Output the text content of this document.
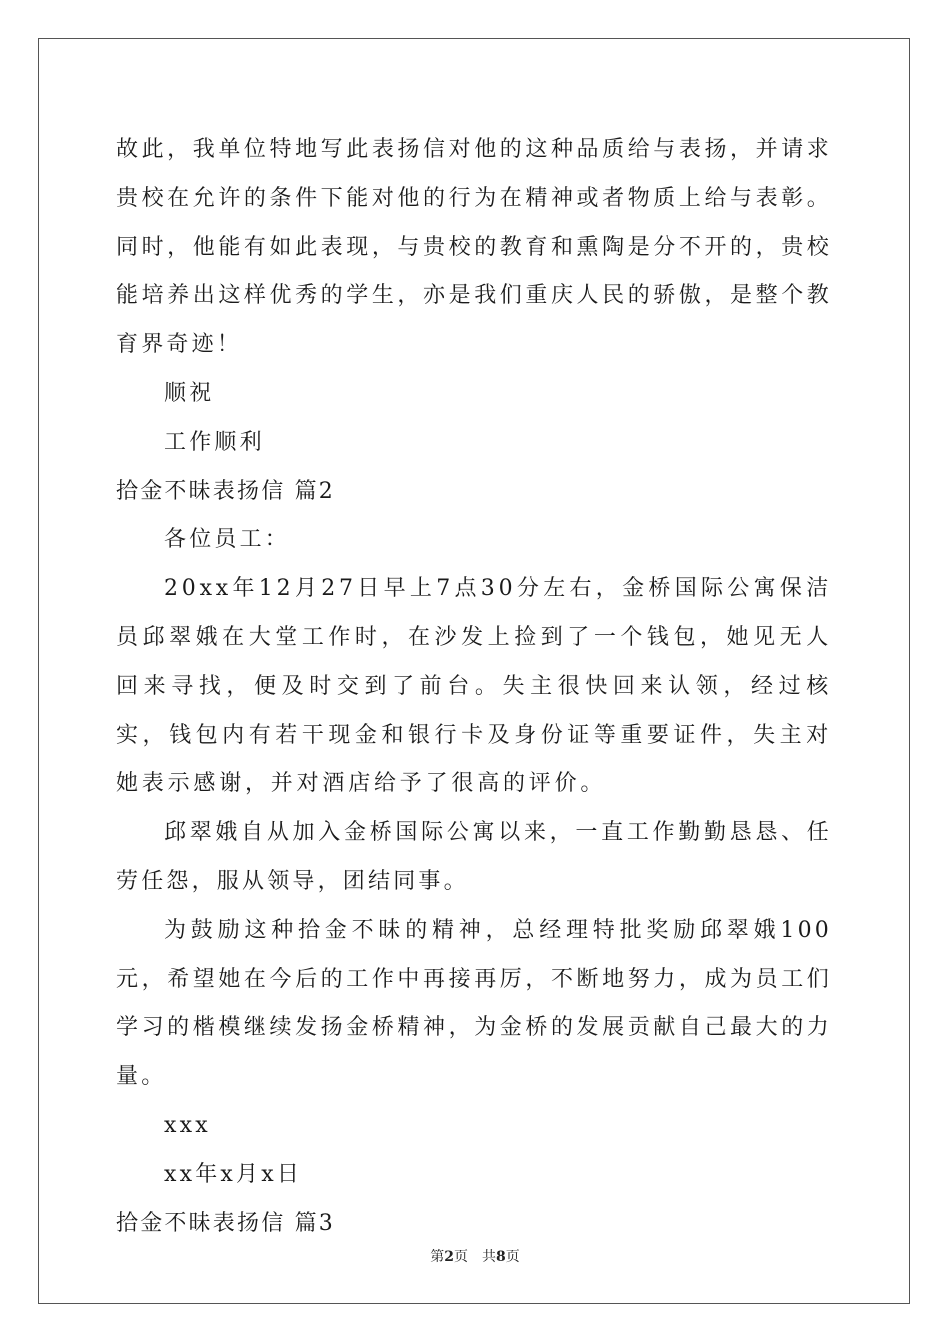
故此，我单位特地写此表扬信对他的这种品质给与表扬，并请求贵校在允许的条件下能对他的行为在精神或者物质上给与表彰。同时，他能有如此表现，与贵校的教育和熏陶是分不开的，贵校能培养出这样优秀的学生，亦是我们重庆人民的骄傲，是整个教育界奇迹！

顺祝

工作顺利

拾金不昧表扬信 篇2

各位员工：

20xx年12月27日早上7点30分左右，金桥国际公寓保洁员邱翠娥在大堂工作时，在沙发上捡到了一个钱包，她见无人回来寻找，便及时交到了前台。失主很快回来认领，经过核实，钱包内有若干现金和银行卡及身份证等重要证件，失主对她表示感谢，并对酒店给予了很高的评价。

邱翠娥自从加入金桥国际公寓以来，一直工作勤勤恳恳、任劳任怨，服从领导，团结同事。

为鼓励这种拾金不昧的精神，总经理特批奖励邱翠娥100元，希望她在今后的工作中再接再厉，不断地努力，成为员工们学习的楷模继续发扬金桥精神，为金桥的发展贡献自己最大的力量。

xxx

xx年x月x日

拾金不昧表扬信 篇3

第2页　共8页
